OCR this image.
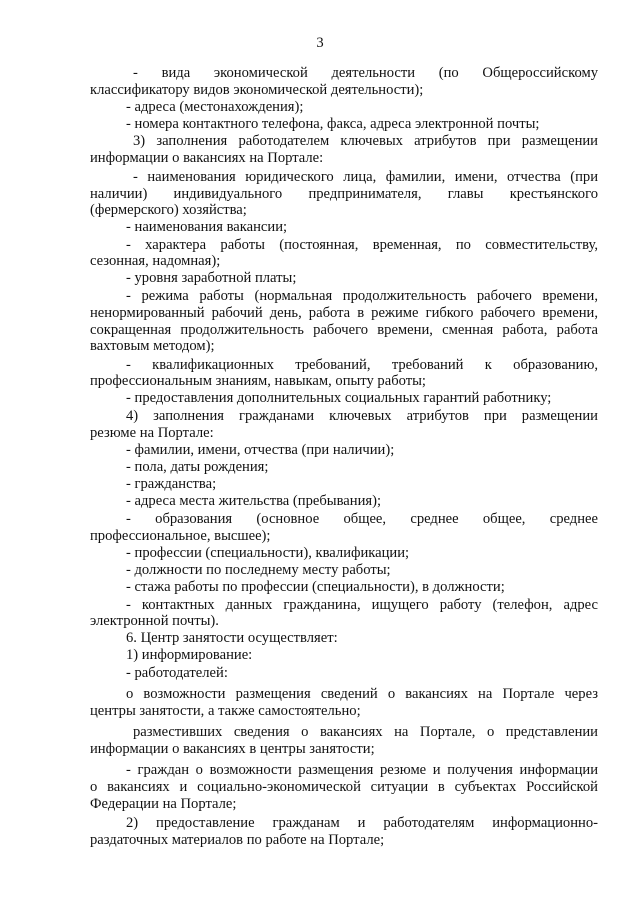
3
- вида экономической деятельности (по Общероссийскому
классификатору видов экономической деятельности);
- адреса (местонахождения);
- номера контактного телефона, факса, адреса электронной почты;
3) заполнения работодателем ключевых атрибутов при размещении
информации о вакансиях на Портале:
- наименования юридического лица, фамилии, имени, отчества (при
наличии) индивидуального предпринимателя, главы крестьянского
(фермерского) хозяйства;
- наименования вакансии;
- характера работы (постоянная, временная, по совместительству,
сезонная, надомная);
- уровня заработной платы;
- режима работы (нормальная продолжительность рабочего времени,
ненормированный рабочий день, работа в режиме гибкого рабочего времени,
сокращенная продолжительность рабочего времени, сменная работа, работа
вахтовым методом);
- квалификационных требований, требований к образованию,
профессиональным знаниям, навыкам, опыту работы;
- предоставления дополнительных социальных гарантий работнику;
4) заполнения гражданами ключевых атрибутов при размещении
резюме на Портале:
- фамилии, имени, отчества (при наличии);
- пола, даты рождения;
- гражданства;
- адреса места жительства (пребывания);
- образования (основное общее, среднее общее, среднее
профессиональное, высшее);
- профессии (специальности), квалификации;
- должности по последнему месту работы;
- стажа работы по профессии (специальности), в должности;
- контактных данных гражданина, ищущего работу (телефон, адрес
электронной почты).
6. Центр занятости осуществляет:
1) информирование:
- работодателей:
о возможности размещения сведений о вакансиях на Портале через
центры занятости, а также самостоятельно;
разместивших сведения о вакансиях на Портале, о представлении
информации о вакансиях в центры занятости;
- граждан о возможности размещения резюме и получения информации
о вакансиях и социально-экономической ситуации в субъектах Российской
Федерации на Портале;
2) предоставление гражданам и работодателям информационно-
раздаточных материалов по работе на Портале;
